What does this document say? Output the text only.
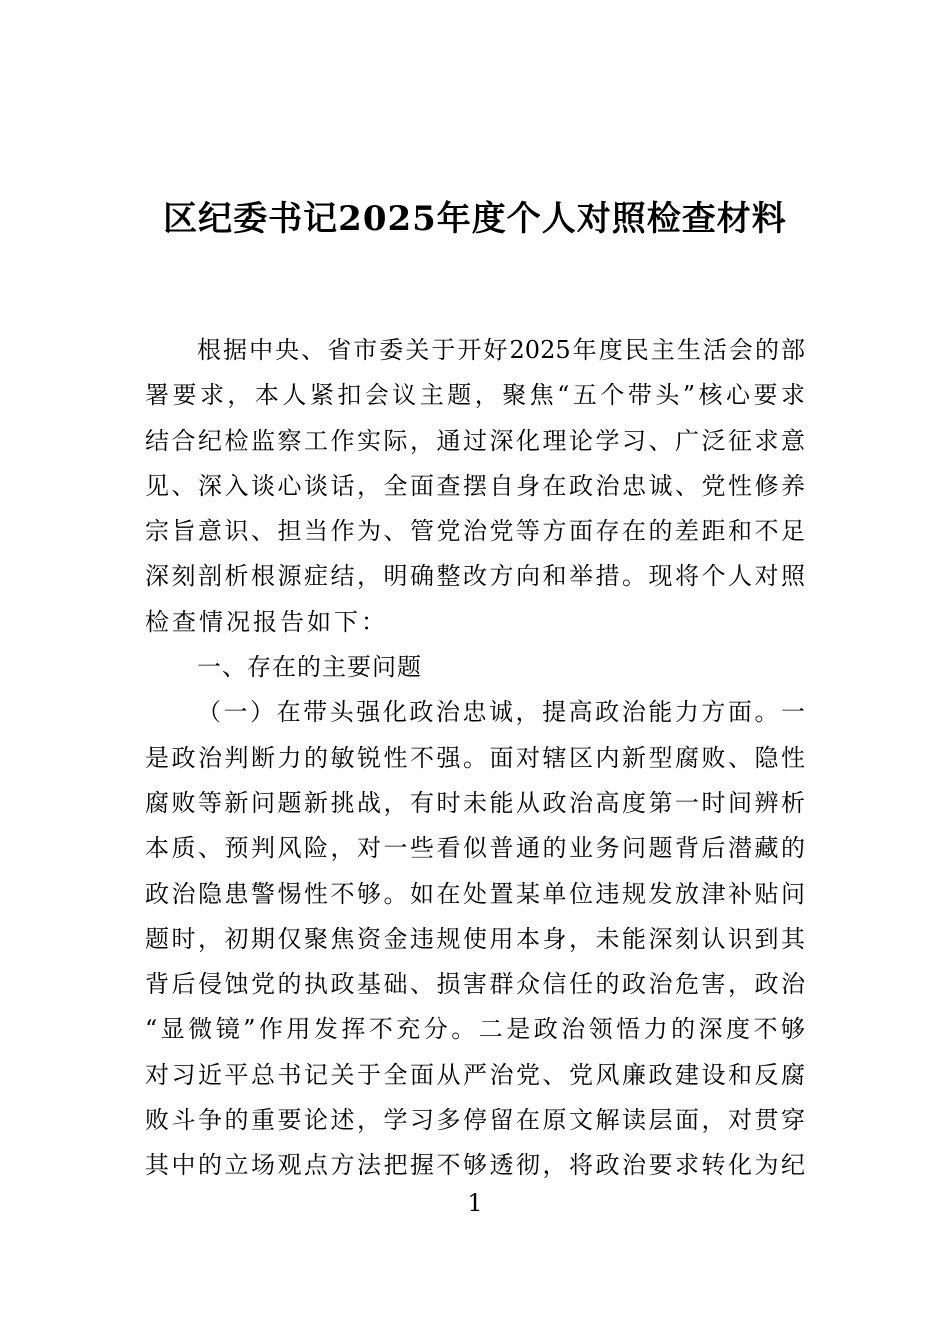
区纪委书记2025年度个人对照检查材料
根据中央、省市委关于开好2025年度民主生活会的部
署要求，本人紧扣会议主题，聚焦“五个带头”核心要求
结合纪检监察工作实际，通过深化理论学习、广泛征求意
见、深入谈心谈话，全面查摆自身在政治忠诚、党性修养
宗旨意识、担当作为、管党治党等方面存在的差距和不足
深刻剖析根源症结，明确整改方向和举措。现将个人对照
检查情况报告如下：
一、存在的主要问题
（一）在带头强化政治忠诚，提高政治能力方面。一
是政治判断力的敏锐性不强。面对辖区内新型腐败、隐性
腐败等新问题新挑战，有时未能从政治高度第一时间辨析
本质、预判风险，对一些看似普通的业务问题背后潜藏的
政治隐患警惕性不够。如在处置某单位违规发放津补贴问
题时，初期仅聚焦资金违规使用本身，未能深刻认识到其
背后侵蚀党的执政基础、损害群众信任的政治危害，政治
“显微镜”作用发挥不充分。二是政治领悟力的深度不够
对习近平总书记关于全面从严治党、党风廉政建设和反腐
败斗争的重要论述，学习多停留在原文解读层面，对贯穿
其中的立场观点方法把握不够透彻，将政治要求转化为纪
1
